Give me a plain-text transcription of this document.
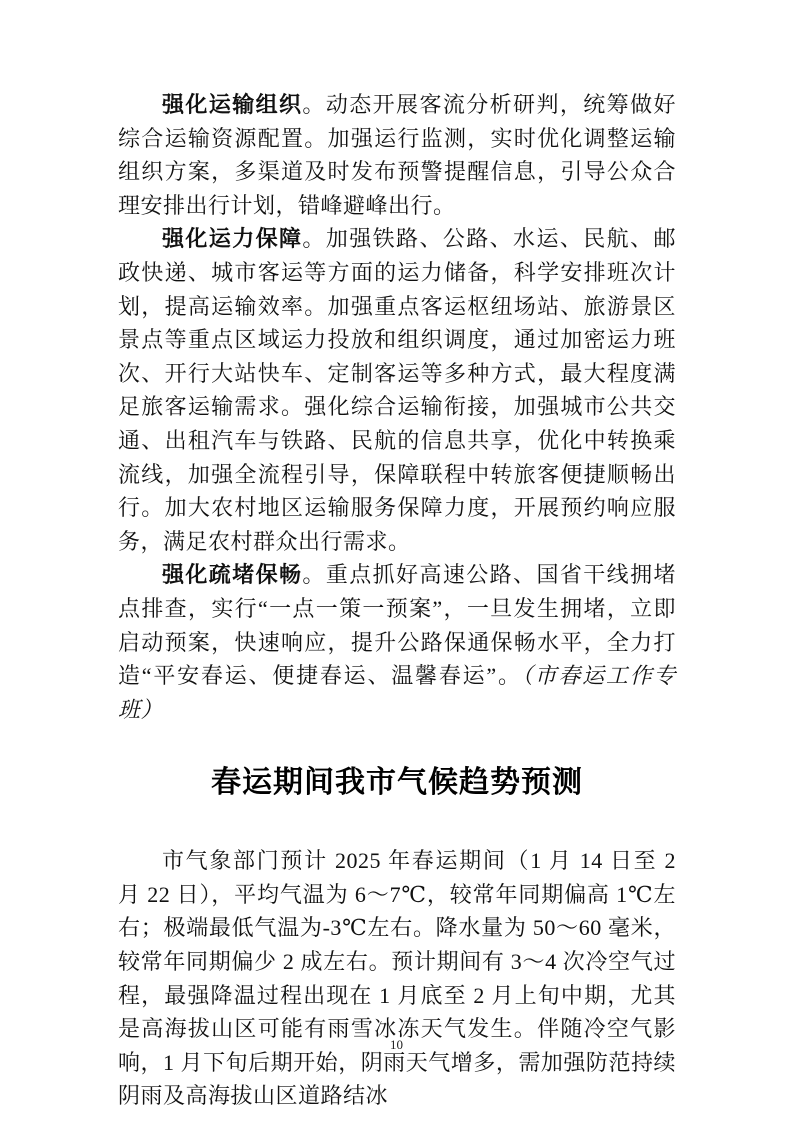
强化运输组织。动态开展客流分析研判，统筹做好综合运输资源配置。加强运行监测，实时优化调整运输组织方案，多渠道及时发布预警提醒信息，引导公众合理安排出行计划，错峰避峰出行。

强化运力保障。加强铁路、公路、水运、民航、邮政快递、城市客运等方面的运力储备，科学安排班次计划，提高运输效率。加强重点客运枢纽场站、旅游景区景点等重点区域运力投放和组织调度，通过加密运力班次、开行大站快车、定制客运等多种方式，最大程度满足旅客运输需求。强化综合运输衔接，加强城市公共交通、出租汽车与铁路、民航的信息共享，优化中转换乘流线，加强全流程引导，保障联程中转旅客便捷顺畅出行。加大农村地区运输服务保障力度，开展预约响应服务，满足农村群众出行需求。

强化疏堵保畅。重点抓好高速公路、国省干线拥堵点排查，实行“一点一策一预案”，一旦发生拥堵，立即启动预案，快速响应，提升公路保通保畅水平，全力打造“平安春运、便捷春运、温馨春运”。（市春运工作专班）

春运期间我市气候趋势预测

市气象部门预计 2025 年春运期间（1 月 14 日至 2 月 22 日），平均气温为 6～7℃，较常年同期偏高 1℃左右；极端最低气温为-3℃左右。降水量为 50～60 毫米，较常年同期偏少 2 成左右。预计期间有 3～4 次冷空气过程，最强降温过程出现在 1 月底至 2 月上旬中期，尤其是高海拔山区可能有雨雪冰冻天气发生。伴随冷空气影响，1 月下旬后期开始，阴雨天气增多，需加强防范持续阴雨及高海拔山区道路结冰

10
